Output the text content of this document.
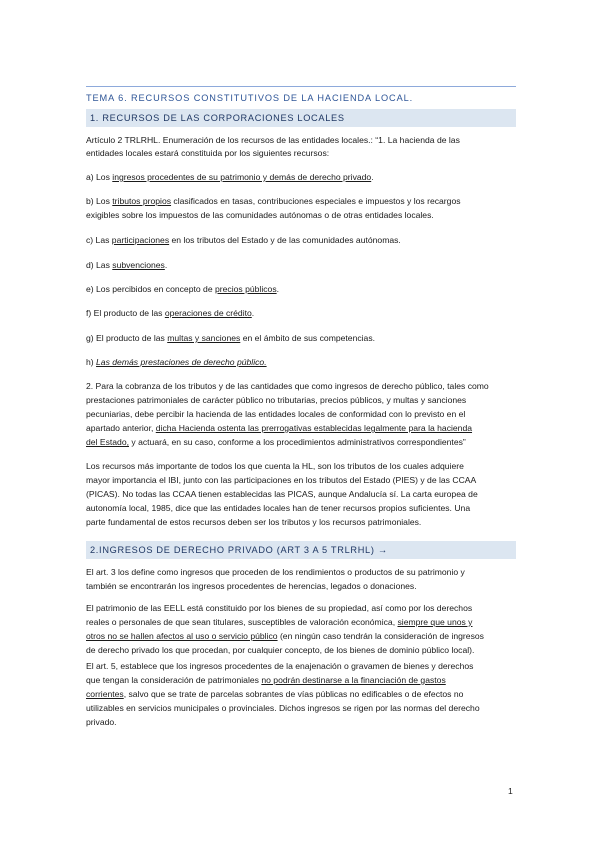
TEMA 6. RECURSOS CONSTITUTIVOS DE LA HACIENDA LOCAL.
1. RECURSOS DE LAS CORPORACIONES LOCALES
Artículo 2 TRLRHL. Enumeración de los recursos de las entidades locales.: “1. La hacienda de las
entidades locales estará constituida por los siguientes recursos:
a) Los ingresos procedentes de su patrimonio y demás de derecho privado.
b) Los tributos propios clasificados en tasas, contribuciones especiales e impuestos y los recargos
exigibles sobre los impuestos de las comunidades autónomas o de otras entidades locales.
c) Las participaciones en los tributos del Estado y de las comunidades autónomas.
d) Las subvenciones.
e) Los percibidos en concepto de precios públicos.
f) El producto de las operaciones de crédito.
g) El producto de las multas y sanciones en el ámbito de sus competencias.
h) Las demás prestaciones de derecho público.
2. Para la cobranza de los tributos y de las cantidades que como ingresos de derecho público, tales como
prestaciones patrimoniales de carácter público no tributarias, precios públicos, y multas y sanciones
pecuniarias, debe percibir la hacienda de las entidades locales de conformidad con lo previsto en el
apartado anterior, dicha Hacienda ostenta las prerrogativas establecidas legalmente para la hacienda
del Estado, y actuará, en su caso, conforme a los procedimientos administrativos correspondientes”
Los recursos más importante de todos los que cuenta la HL, son los tributos de los cuales adquiere
mayor importancia el IBI, junto con las participaciones en los tributos del Estado (PIES) y de las CCAA
(PICAS). No todas las CCAA tienen establecidas las PICAS, aunque Andalucía sí. La carta europea de
autonomía local, 1985, dice que las entidades locales han de tener recursos propios suficientes. Una
parte fundamental de estos recursos deben ser los tributos y los recursos patrimoniales.
2.INGRESOS DE DERECHO PRIVADO (ART 3 A 5 TRLRHL) →
El art. 3 los define como ingresos que proceden de los rendimientos o productos de su patrimonio y
también se encontrarán los ingresos procedentes de herencias, legados o donaciones.
El patrimonio de las EELL está constituido por los bienes de su propiedad, así como por los derechos
reales o personales de que sean titulares, susceptibles de valoración económica, siempre que unos y
otros no se hallen afectos al uso o servicio público (en ningún caso tendrán la consideración de ingresos
de derecho privado los que procedan, por cualquier concepto, de los bienes de dominio público local).
El art. 5, establece que los ingresos procedentes de la enajenación o gravamen de bienes y derechos
que tengan la consideración de patrimoniales no podrán destinarse a la financiación de gastos
corrientes, salvo que se trate de parcelas sobrantes de vías públicas no edificables o de efectos no
utilizables en servicios municipales o provinciales. Dichos ingresos se rigen por las normas del derecho
privado.
1
